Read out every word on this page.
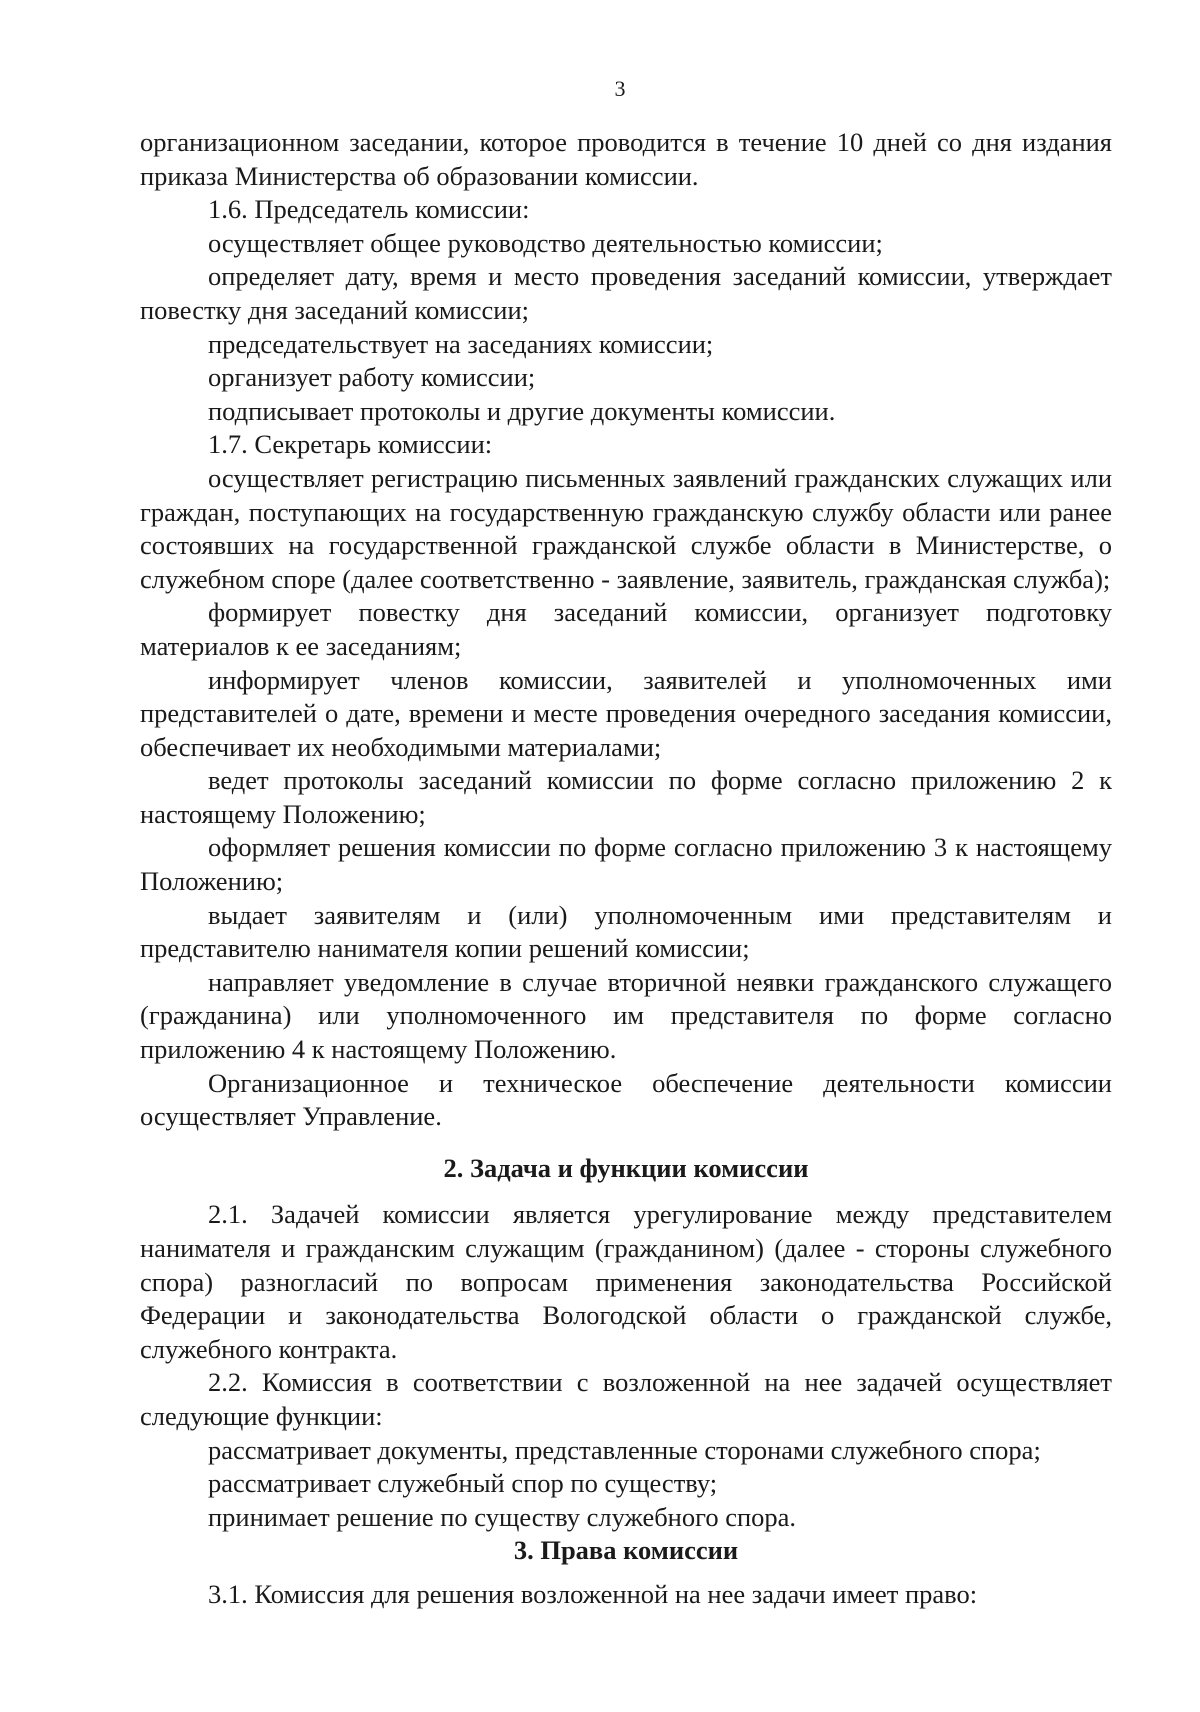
3

организационном заседании, которое проводится в течение 10 дней со дня издания приказа Министерства об образовании комиссии.

1.6. Председатель комиссии:

осуществляет общее руководство деятельностью комиссии;

определяет дату, время и место проведения заседаний комиссии, утверждает повестку дня заседаний комиссии;

председательствует на заседаниях комиссии;

организует работу комиссии;

подписывает протоколы и другие документы комиссии.

1.7. Секретарь комиссии:

осуществляет регистрацию письменных заявлений гражданских служащих или граждан, поступающих на государственную гражданскую службу области или ранее состоявших на государственной гражданской службе области в Министерстве, о служебном споре (далее соответственно - заявление, заявитель, гражданская служба);

формирует повестку дня заседаний комиссии, организует подготовку материалов к ее заседаниям;

информирует членов комиссии, заявителей и уполномоченных ими представителей о дате, времени и месте проведения очередного заседания комиссии, обеспечивает их необходимыми материалами;

ведет протоколы заседаний комиссии по форме согласно приложению 2 к настоящему Положению;

оформляет решения комиссии по форме согласно приложению 3 к настоящему Положению;

выдает заявителям и (или) уполномоченным ими представителям и представителю нанимателя копии решений комиссии;

направляет уведомление в случае вторичной неявки гражданского служащего (гражданина) или уполномоченного им представителя по форме согласно приложению 4 к настоящему Положению.

Организационное и техническое обеспечение деятельности комиссии осуществляет Управление.

2. Задача и функции комиссии

2.1. Задачей комиссии является урегулирование между представителем нанимателя и гражданским служащим (гражданином) (далее - стороны служебного спора) разногласий по вопросам применения законодательства Российской Федерации и законодательства Вологодской области о гражданской службе, служебного контракта.

2.2. Комиссия в соответствии с возложенной на нее задачей осуществляет следующие функции:

рассматривает документы, представленные сторонами служебного спора;

рассматривает служебный спор по существу;

принимает решение по существу служебного спора.

3. Права комиссии

3.1. Комиссия для решения возложенной на нее задачи имеет право:
